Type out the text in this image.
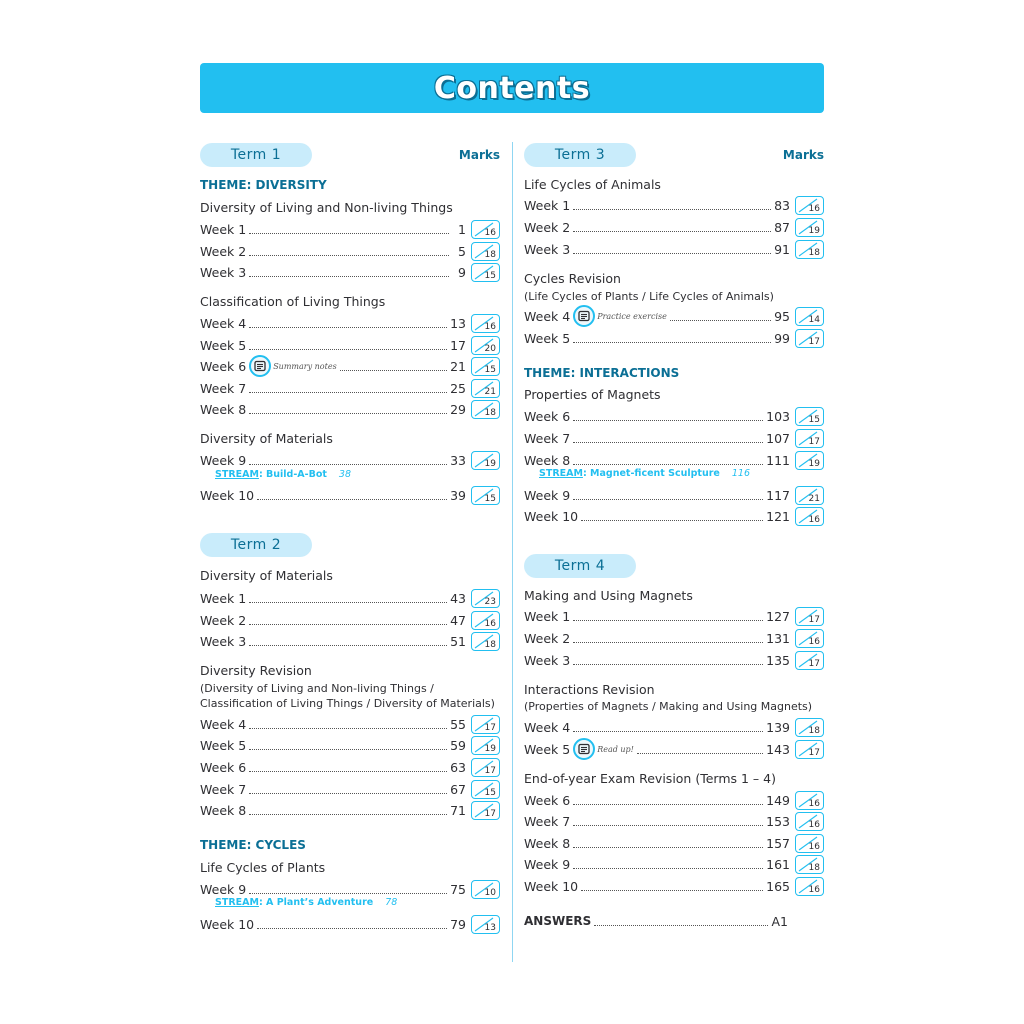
Contents
Term 1	Marks
THEME: DIVERSITY
Diversity of Living and Non-living Things
Week 1	1 16
Week 2	5 18
Week 3	9 15
Classification of Living Things
Week 4	13 16
Week 5	17 20
Week 6	Summary notes	21 15
Week 7	25 21
Week 8	29 18
Diversity of Materials
Week 9	33 19
STREAM: Build-A-Bot 38
Week 10	39 15
Term 2
Diversity of Materials
Week 1	43 23
Week 2	47 16
Week 3	51 18
Diversity Revision
(Diversity of Living and Non-living Things /
Classification of Living Things / Diversity of Materials)
Week 4	55 17
Week 5	59 19
Week 6	63 17
Week 7	67 15
Week 8	71 17
THEME: CYCLES
Life Cycles of Plants
Week 9	75 10
STREAM: A Plant’s Adventure 78
Week 10	79 13
Term 3	Marks
Life Cycles of Animals
Week 1	83 16
Week 2	87 19
Week 3	91 18
Cycles Revision
(Life Cycles of Plants / Life Cycles of Animals)
Week 4	Practice exercise	95 14
Week 5	99 17
THEME: INTERACTIONS
Properties of Magnets
Week 6	103 15
Week 7	107 17
Week 8	111 19
STREAM: Magnet-ficent Sculpture 116
Week 9	117 21
Week 10	121 16
Term 4
Making and Using Magnets
Week 1	127 17
Week 2	131 16
Week 3	135 17
Interactions Revision
(Properties of Magnets / Making and Using Magnets)
Week 4	139 18
Week 5	Read up!	143 17
End-of-year Exam Revision (Terms 1 – 4)
Week 6	149 16
Week 7	153 16
Week 8	157 16
Week 9	161 18
Week 10	165 16
ANSWERS	A1
